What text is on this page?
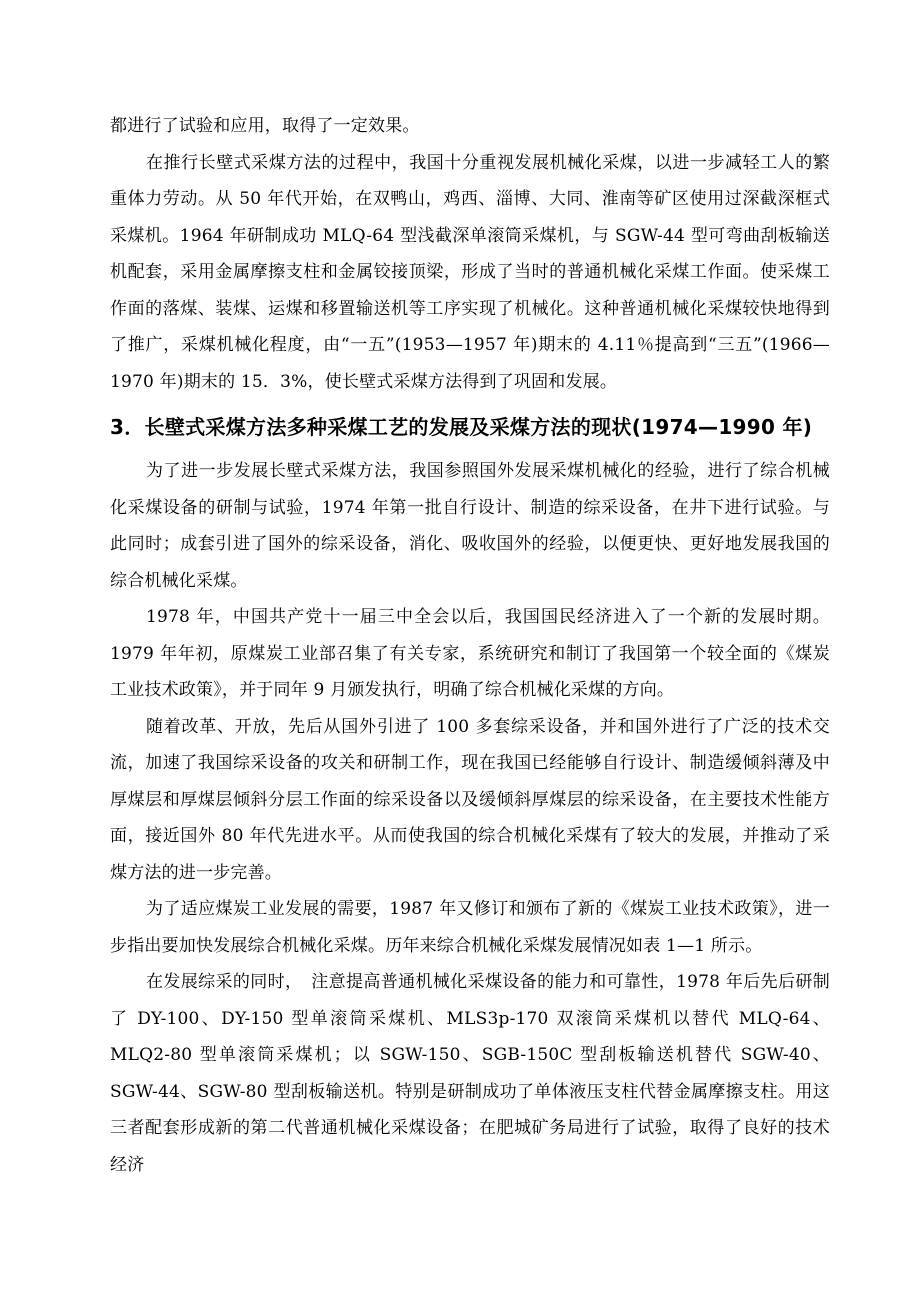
都进行了试验和应用，取得了一定效果。

在推行长壁式采煤方法的过程中，我国十分重视发展机械化采煤，以进一步减轻工人的繁重体力劳动。从 50 年代开始，在双鸭山，鸡西、淄博、大同、淮南等矿区使用过深截深框式采煤机。1964 年研制成功 MLQ-64 型浅截深单滚筒采煤机，与 SGW-44 型可弯曲刮板输送机配套，采用金属摩擦支柱和金属铰接顶梁，形成了当时的普通机械化采煤工作面。使采煤工作面的落煤、装煤、运煤和移置输送机等工序实现了机械化。这种普通机械化采煤较快地得到了推广，采煤机械化程度，由“一五”(1953—1957 年)期末的 4.11％提高到“三五”(1966—1970 年)期末的 15．3%，使长壁式采煤方法得到了巩固和发展。

3．长壁式采煤方法多种采煤工艺的发展及采煤方法的现状(1974—1990 年)

为了进一步发展长壁式采煤方法，我国参照国外发展采煤机械化的经验，进行了综合机械化采煤设备的研制与试验，1974 年第一批自行设计、制造的综采设备，在井下进行试验。与此同时；成套引进了国外的综采设备，消化、吸收国外的经验，以便更快、更好地发展我国的综合机械化采煤。

1978 年，中国共产党十一届三中全会以后，我国国民经济进入了一个新的发展时期。1979 年年初，原煤炭工业部召集了有关专家，系统研究和制订了我国第一个较全面的《煤炭工业技术政策》，并于同年 9 月颁发执行，明确了综合机械化采煤的方向。

随着改革、开放，先后从国外引进了 100 多套综采设备，并和国外进行了广泛的技术交流，加速了我国综采设备的攻关和研制工作，现在我国已经能够自行设计、制造缓倾斜薄及中厚煤层和厚煤层倾斜分层工作面的综采设备以及缓倾斜厚煤层的综采设备，在主要技术性能方面，接近国外 80 年代先进水平。从而使我国的综合机械化采煤有了较大的发展，并推动了采煤方法的进一步完善。

为了适应煤炭工业发展的需要，1987 年又修订和颁布了新的《煤炭工业技术政策》，进一步指出要加快发展综合机械化采煤。历年来综合机械化采煤发展情况如表 1—1 所示。

在发展综采的同时，　注意提高普通机械化采煤设备的能力和可靠性，1978 年后先后研制了 DY-100、DY-150 型单滚筒采煤机、MLS3p-170 双滚筒采煤机以替代 MLQ-64、MLQ2-80 型单滚筒采煤机；以 SGW-150、SGB-150C 型刮板输送机替代 SGW-40、SGW-44、SGW-80 型刮板输送机。特别是研制成功了单体液压支柱代替金属摩擦支柱。用这三者配套形成新的第二代普通机械化采煤设备；在肥城矿务局进行了试验，取得了良好的技术经济
